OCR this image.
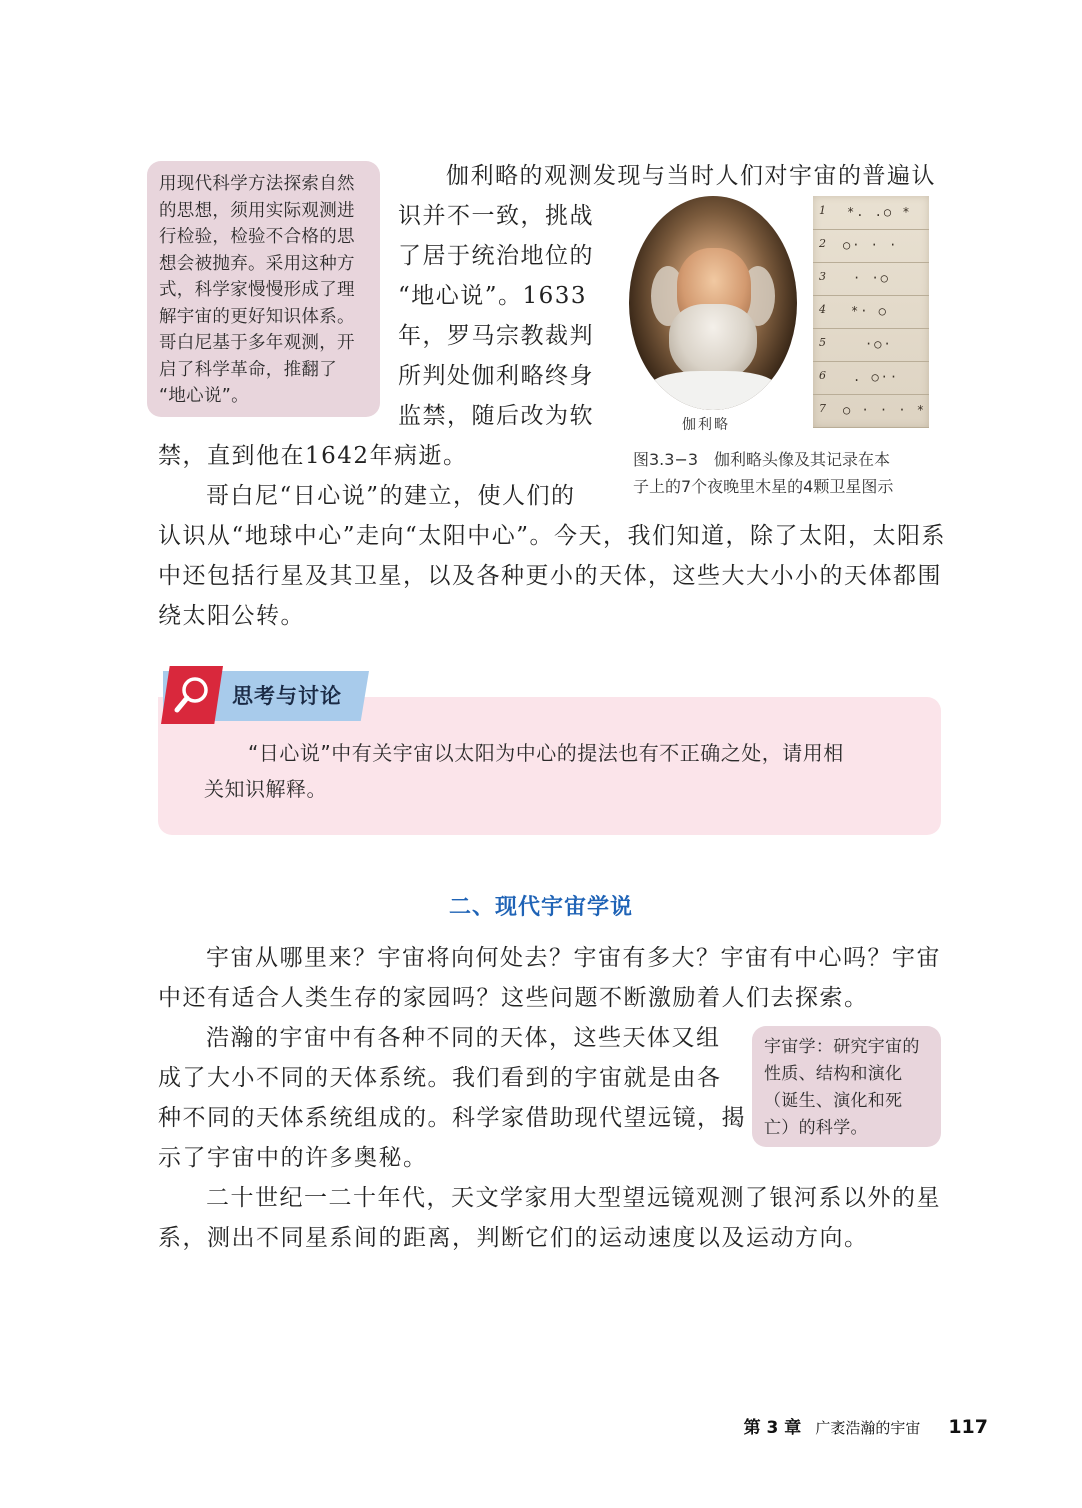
用现代科学方法探索自然
的思想，须用实际观测进
行检验，检验不合格的思
想会被抛弃。采用这种方
式，科学家慢慢形成了理
解宇宙的更好知识体系。
哥白尼基于多年观测，开
启了科学革命，推翻了
“地心说”。
伽利略的观测发现与当时人们对宇宙的普遍认
识并不一致，挑战
了居于统治地位的
“地心说”。1633
年，罗马宗教裁判
所判处伽利略终身
监禁，随后改为软
禁，直到他在1642年病逝。
伽利略
1 *. .○ *
2 ○· · ·
3 · ·○
4 *· ○
5	·○·
6 . ○··
7 ○ · · · *
图3.3−3　伽利略头像及其记录在本
子上的7个夜晚里木星的4颗卫星图示
哥白尼“日心说”的建立，使人们的
认识从“地球中心”走向“太阳中心”。今天，我们知道，除了太阳，太阳系
中还包括行星及其卫星，以及各种更小的天体，这些大大小小的天体都围
绕太阳公转。
思考与讨论
“日心说”中有关宇宙以太阳为中心的提法也有不正确之处，请用相
关知识解释。
二、现代宇宙学说
宇宙从哪里来？宇宙将向何处去？宇宙有多大？宇宙有中心吗？宇宙
中还有适合人类生存的家园吗？这些问题不断激励着人们去探索。
浩瀚的宇宙中有各种不同的天体，这些天体又组
成了大小不同的天体系统。我们看到的宇宙就是由各
种不同的天体系统组成的。科学家借助现代望远镜，揭
示了宇宙中的许多奥秘。
宇宙学：研究宇宙的
性质、结构和演化
（诞生、演化和死
亡）的科学。
二十世纪一二十年代，天文学家用大型望远镜观测了银河系以外的星
系，测出不同星系间的距离，判断它们的运动速度以及运动方向。
第 3 章 广袤浩瀚的宇宙 117
